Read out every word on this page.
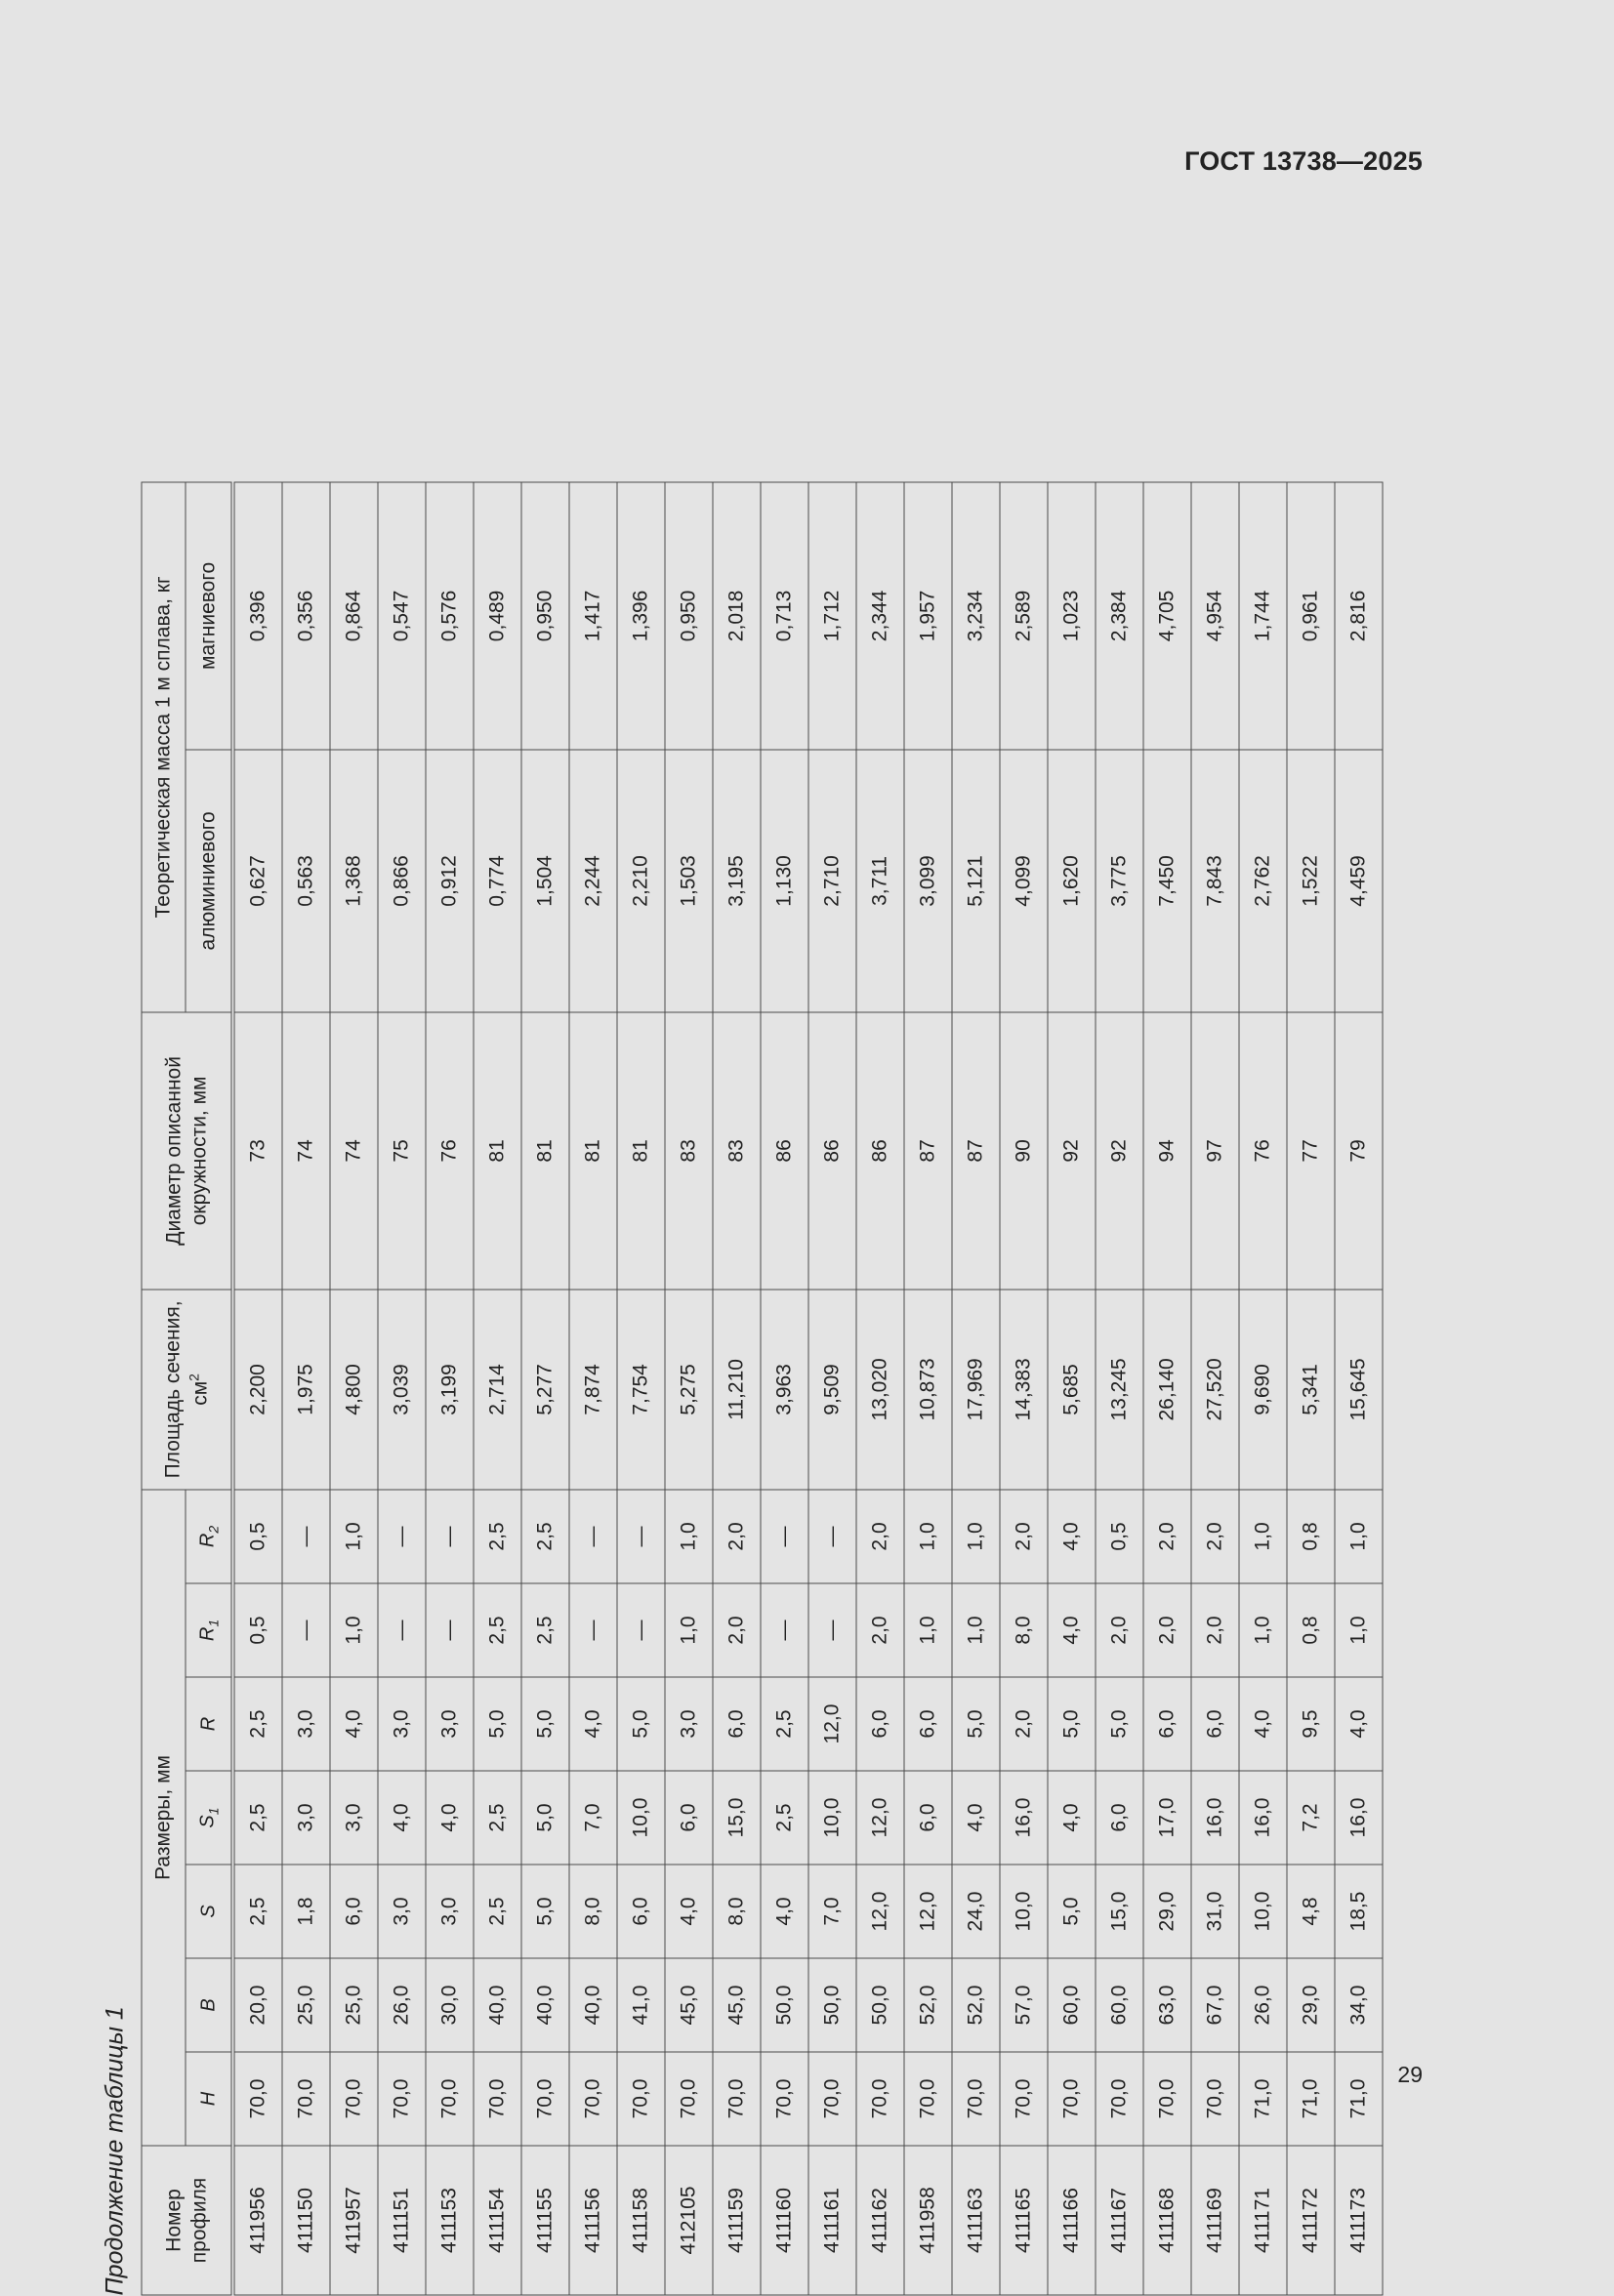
ГОСТ 13738—2025
Продолжение таблицы 1 Номер профиля	Размеры, мм							Площадь сечения, $см^2$	Диаметр описанной окружности, мм	Теоретическая масса 1 м сплава, кг	
	H	B	S	$S_1$	R	$R_1$	$R_2$			алюминиевого	магниевого
411956	70,0	20,0	2,5	2,5	2,5	0,5	0,5	2,200	73	0,627	0,396
411150	70,0	25,0	1,8	3,0	3,0	—	—	1,975	74	0,563	0,356
411957	70,0	25,0	6,0	3,0	4,0	1,0	1,0	4,800	74	1,368	0,864
411151	70,0	26,0	3,0	4,0	3,0	—	—	3,039	75	0,866	0,547
411153	70,0	30,0	3,0	4,0	3,0	—	—	3,199	76	0,912	0,576
411154	70,0	40,0	2,5	2,5	5,0	2,5	2,5	2,714	81	0,774	0,489
411155	70,0	40,0	5,0	5,0	5,0	2,5	2,5	5,277	81	1,504	0,950
411156	70,0	40,0	8,0	7,0	4,0	—	—	7,874	81	2,244	1,417
411158	70,0	41,0	6,0	10,0	5,0	—	—	7,754	81	2,210	1,396
412105	70,0	45,0	4,0	6,0	3,0	1,0	1,0	5,275	83	1,503	0,950
411159	70,0	45,0	8,0	15,0	6,0	2,0	2,0	11,210	83	3,195	2,018
411160	70,0	50,0	4,0	2,5	2,5	—	—	3,963	86	1,130	0,713
411161	70,0	50,0	7,0	10,0	12,0	—	—	9,509	86	2,710	1,712
411162	70,0	50,0	12,0	12,0	6,0	2,0	2,0	13,020	86	3,711	2,344
411958	70,0	52,0	12,0	6,0	6,0	1,0	1,0	10,873	87	3,099	1,957
411163	70,0	52,0	24,0	4,0	5,0	1,0	1,0	17,969	87	5,121	3,234
411165	70,0	57,0	10,0	16,0	2,0	8,0	2,0	14,383	90	4,099	2,589
411166	70,0	60,0	5,0	4,0	5,0	4,0	4,0	5,685	92	1,620	1,023
411167	70,0	60,0	15,0	6,0	5,0	2,0	0,5	13,245	92	3,775	2,384
411168	70,0	63,0	29,0	17,0	6,0	2,0	2,0	26,140	94	7,450	4,705
411169	70,0	67,0	31,0	16,0	6,0	2,0	2,0	27,520	97	7,843	4,954
411171	71,0	26,0	10,0	16,0	4,0	1,0	1,0	9,690	76	2,762	1,744
411172	71,0	29,0	4,8	7,2	9,5	0,8	0,8	5,341	77	1,522	0,961
411173	71,0	34,0	18,5	16,0	4,0	1,0	1,0	15,645	79	4,459	2,816
29
